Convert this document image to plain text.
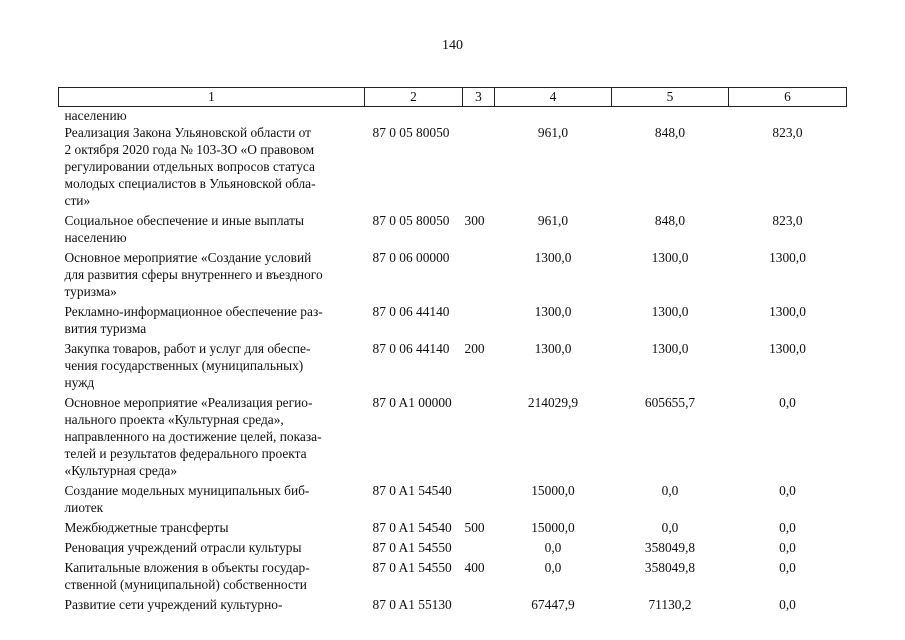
140
1	2	3	4	5	6

населению					

Реализация Закона Ульяновской области от
2 октября 2020 года № 103-ЗО «О правовом
регулировании отдельных вопросов статуса
молодых специалистов в Ульяновской обла-
сти»	87 0 05 80050		961,0	848,0	823,0

Социальное обеспечение и иные выплаты
населению	87 0 05 80050	300	961,0	848,0	823,0

Основное мероприятие «Создание условий
для развития сферы внутреннего и въездного
туризма»	87 0 06 00000		1300,0	1300,0	1300,0

Рекламно-информационное обеспечение раз-
вития туризма	87 0 06 44140		1300,0	1300,0	1300,0

Закупка товаров, работ и услуг для обеспе-
чения государственных (муниципальных)
нужд	87 0 06 44140	200	1300,0	1300,0	1300,0

Основное мероприятие «Реализация регио-
нального проекта «Культурная среда»,
направленного на достижение целей, показа-
телей и результатов федерального проекта
«Культурная среда»	87 0 A1 00000		214029,9	605655,7	0,0

Создание модельных муниципальных биб-
лиотек	87 0 A1 54540		15000,0	0,0	0,0

Межбюджетные трансферты	87 0 A1 54540	500	15000,0	0,0	0,0

Реновация учреждений отрасли культуры	87 0 A1 54550		0,0	358049,8	0,0

Капитальные вложения в объекты государ-
ственной (муниципальной) собственности	87 0 A1 54550	400	0,0	358049,8	0,0

Развитие сети учреждений культурно-	87 0 A1 55130		67447,9	71130,2	0,0
